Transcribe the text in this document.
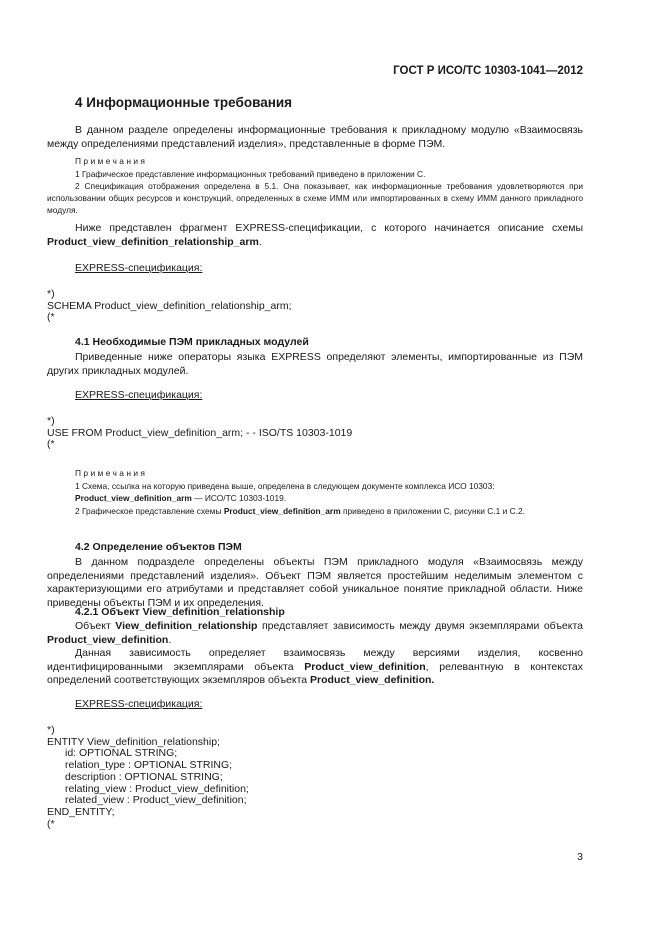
ГОСТ Р ИСО/ТС 10303-1041—2012
4 Информационные требования

В данном разделе определены информационные требования к прикладному модулю «Взаимосвязь между определениями представлений изделия», представленные в форме ПЭМ.

Примечания

1 Графическое представление информационных требований приведено в приложении С.

2 Спецификация отображения определена в 5.1. Она показывает, как информационные требования удовлетворяются при использовании общих ресурсов и конструкций, определенных в схеме ИММ или импортированных в схему ИММ данного прикладного модуля.

Ниже представлен фрагмент EXPRESS-спецификации, с которого начинается описание схемы Product_view_definition_relationship_arm.

EXPRESS-спецификация:
*)
SCHEMA Product_view_definition_relationship_arm;
(*
4.1 Необходимые ПЭМ прикладных модулей

Приведенные ниже операторы языка EXPRESS определяют элементы, импортированные из ПЭМ других прикладных модулей.

EXPRESS-спецификация:
*)
USE FROM Product_view_definition_arm; - - ISO/TS 10303-1019
(*
Примечания

1 Схема, ссылка на которую приведена выше, определена в следующем документе комплекса ИСО 10303:
Product_view_definition_arm — ИСО/ТС 10303-1019.

2 Графическое представление схемы Product_view_definition_arm приведено в приложении С, рисунки С.1 и С.2.

4.2 Определение объектов ПЭМ

В данном подразделе определены объекты ПЭМ прикладного модуля «Взаимосвязь между определениями представлений изделия». Объект ПЭМ является простейшим неделимым элементом с характеризующими его атрибутами и представляет собой уникальное понятие прикладной области. Ниже приведены объекты ПЭМ и их определения.

4.2.1 Объект View_definition_relationship

Объект View_definition_relationship представляет зависимость между двумя экземплярами объекта Product_view_definition.

Данная зависимость определяет взаимосвязь между версиями изделия, косвенно идентифицированными экземплярами объекта Product_view_definition, релевантную в контекстах определений соответствующих экземпляров объекта Product_view_definition.

EXPRESS-спецификация:
*)
ENTITY View_definition_relationship;
id: OPTIONAL STRING;
relation_type : OPTIONAL STRING;
description : OPTIONAL STRING;
relating_view : Product_view_definition;
related_view : Product_view_definition;
END_ENTITY;
(*
3
